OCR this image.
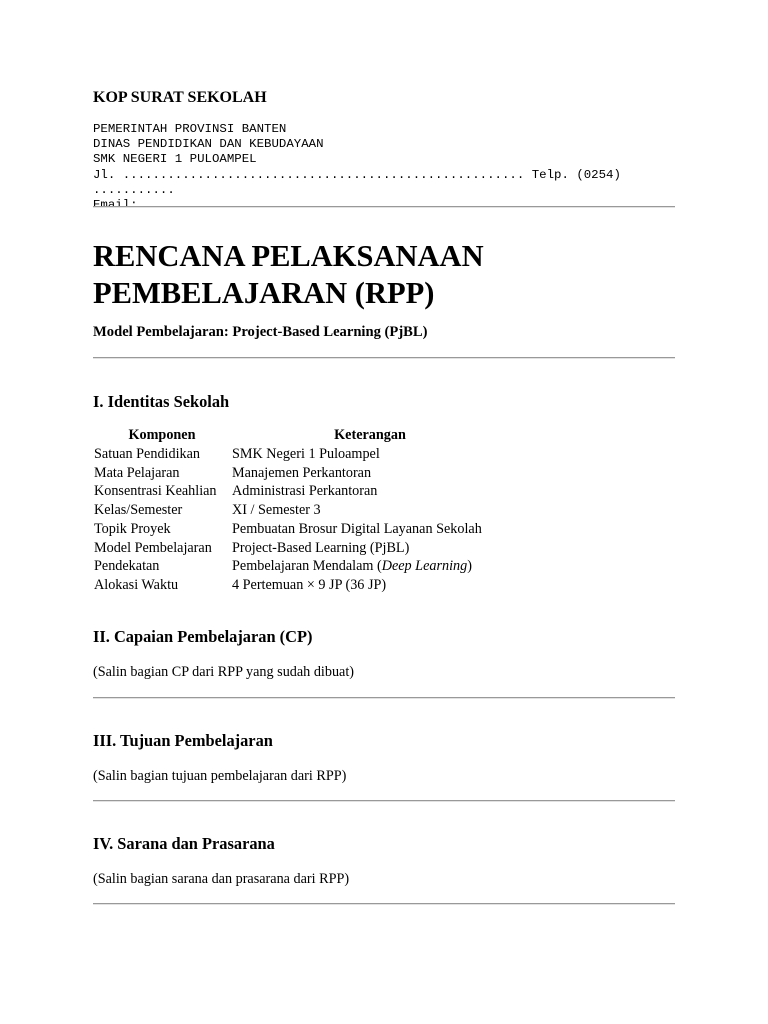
KOP SURAT SEKOLAH
PEMERINTAH PROVINSI BANTEN
DINAS PENDIDIKAN DAN KEBUDAYAAN
SMK NEGERI 1 PULOAMPEL
Jl. ...................................................... Telp. (0254) ...........
Email: .....................................................
RENCANA PELAKSANAAN PEMBELAJARAN (RPP)
Model Pembelajaran: Project-Based Learning (PjBL)
I. Identitas Sekolah
Komponen	Keterangan
Satuan Pendidikan	SMK Negeri 1 Puloampel
Mata Pelajaran	Manajemen Perkantoran
Konsentrasi Keahlian	Administrasi Perkantoran
Kelas/Semester	XI / Semester 3
Topik Proyek	Pembuatan Brosur Digital Layanan Sekolah
Model Pembelajaran	Project-Based Learning (PjBL)
Pendekatan	Pembelajaran Mendalam (Deep Learning)
Alokasi Waktu	4 Pertemuan × 9 JP (36 JP)
II. Capaian Pembelajaran (CP)
(Salin bagian CP dari RPP yang sudah dibuat)
III. Tujuan Pembelajaran
(Salin bagian tujuan pembelajaran dari RPP)
IV. Sarana dan Prasarana
(Salin bagian sarana dan prasarana dari RPP)
